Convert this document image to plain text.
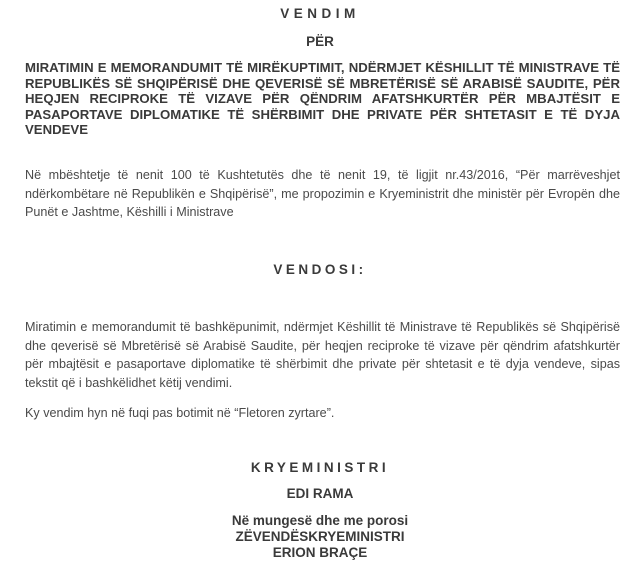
VENDIM
PËR
MIRATIMIN E MEMORANDUMIT TË MIRËKUPTIMIT, NDËRMJET KËSHILLIT TË MINISTRAVE TË REPUBLIKËS SË SHQIPËRISË DHE QEVERISË SË MBRETËRISË SË ARABISË SAUDITE, PËR HEQJEN RECIPROKE TË VIZAVE PËR QËNDRIM AFATSHKURTËR PËR MBAJTËSIT E PASAPORTAVE DIPLOMATIKE TË SHËRBIMIT DHE PRIVATE PËR SHTETASIT E TË DYJA VENDEVE
Në mbështetje të nenit 100 të Kushtetutës dhe të nenit 19, të ligjit nr.43/2016, “Për marrëveshjet ndërkombëtare në Republikën e Shqipërisë”, me propozimin e Kryeministrit dhe ministër për Evropën dhe Punët e Jashtme, Këshilli i Ministrave
VENDOSI:
Miratimin e memorandumit të bashkëpunimit, ndërmjet Këshillit të Ministrave të Republikës së Shqipërisë dhe qeverisë së Mbretërisë së Arabisë Saudite, për heqjen reciproke të vizave për qëndrim afatshkurtër për mbajtësit e pasaportave diplomatike të shërbimit dhe private për shtetasit e të dyja vendeve, sipas tekstit që i bashkëlidhet këtij vendimi.
Ky vendim hyn në fuqi pas botimit në “Fletoren zyrtare”.
KRYEMINISTRI
EDI RAMA
Në mungesë dhe me porosi
ZËVENDËSKRYEMINISTRI
ERION BRAÇE
